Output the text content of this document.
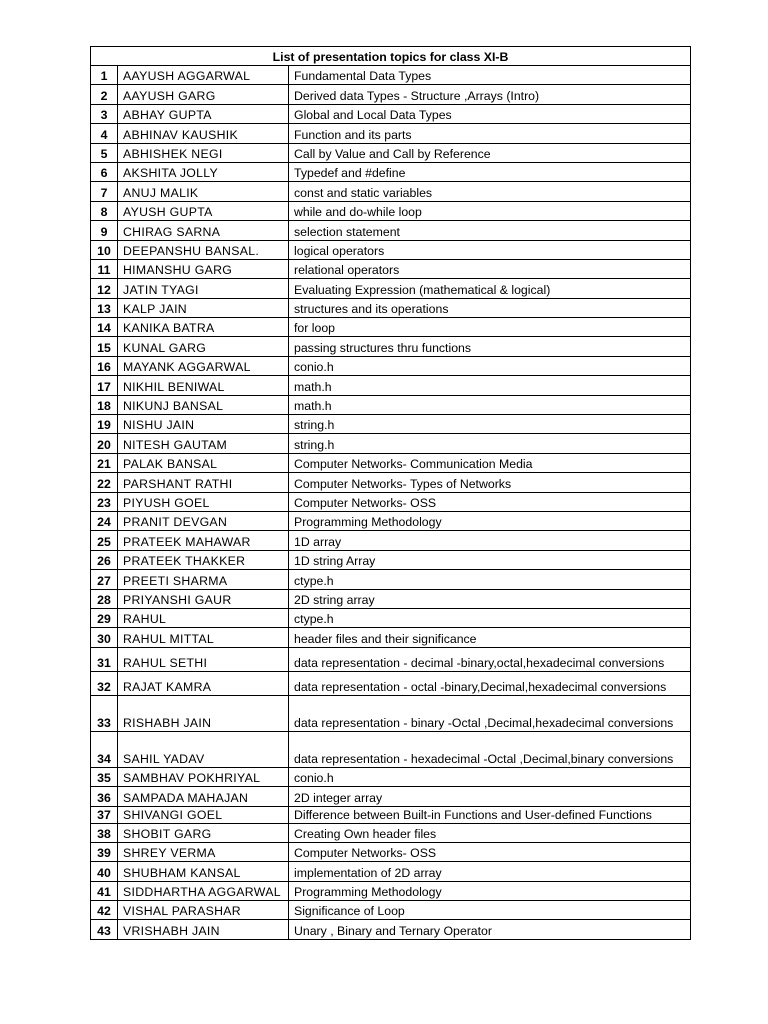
List of presentation topics for class XI-B		
1	AAYUSH AGGARWAL	Fundamental Data Types
2	AAYUSH GARG	Derived data Types - Structure ,Arrays (Intro)
3	ABHAY GUPTA	Global and Local Data Types
4	ABHINAV KAUSHIK	Function and its parts
5	ABHISHEK NEGI	Call by Value and Call by Reference
6	AKSHITA JOLLY	Typedef and #define
7	ANUJ MALIK	const and static variables
8	AYUSH GUPTA	while and do-while loop
9	CHIRAG SARNA	selection statement
10	DEEPANSHU BANSAL.	logical operators
11	HIMANSHU GARG	relational operators
12	JATIN TYAGI	Evaluating Expression (mathematical & logical)
13	KALP JAIN	structures and its operations
14	KANIKA BATRA	for loop
15	KUNAL GARG	passing structures thru functions
16	MAYANK AGGARWAL	conio.h
17	NIKHIL BENIWAL	math.h
18	NIKUNJ BANSAL	math.h
19	NISHU JAIN	string.h
20	NITESH GAUTAM	string.h
21	PALAK BANSAL	Computer Networks- Communication Media
22	PARSHANT RATHI	Computer Networks- Types of Networks
23	PIYUSH GOEL	Computer Networks- OSS
24	PRANIT DEVGAN	Programming Methodology
25	PRATEEK MAHAWAR	1D array
26	PRATEEK THAKKER	1D string Array
27	PREETI SHARMA	ctype.h
28	PRIYANSHI GAUR	2D string array
29	RAHUL	ctype.h
30	RAHUL MITTAL	header files and their significance
31	RAHUL SETHI	data representation - decimal -binary,octal,hexadecimal conversions
32	RAJAT KAMRA	data representation - octal -binary,Decimal,hexadecimal conversions
33	RISHABH JAIN	data representation - binary -Octal ,Decimal,hexadecimal conversions
34	SAHIL YADAV	data representation - hexadecimal -Octal ,Decimal,binary conversions
35	SAMBHAV POKHRIYAL	conio.h
36	SAMPADA MAHAJAN	2D integer array
37	SHIVANGI GOEL	Difference between Built-in Functions and User-defined Functions
38	SHOBIT GARG	Creating Own header files
39	SHREY VERMA	Computer Networks- OSS
40	SHUBHAM KANSAL	implementation of 2D array
41	SIDDHARTHA AGGARWAL	Programming Methodology
42	VISHAL PARASHAR	Significance of Loop
43	VRISHABH JAIN	Unary , Binary and Ternary Operator
